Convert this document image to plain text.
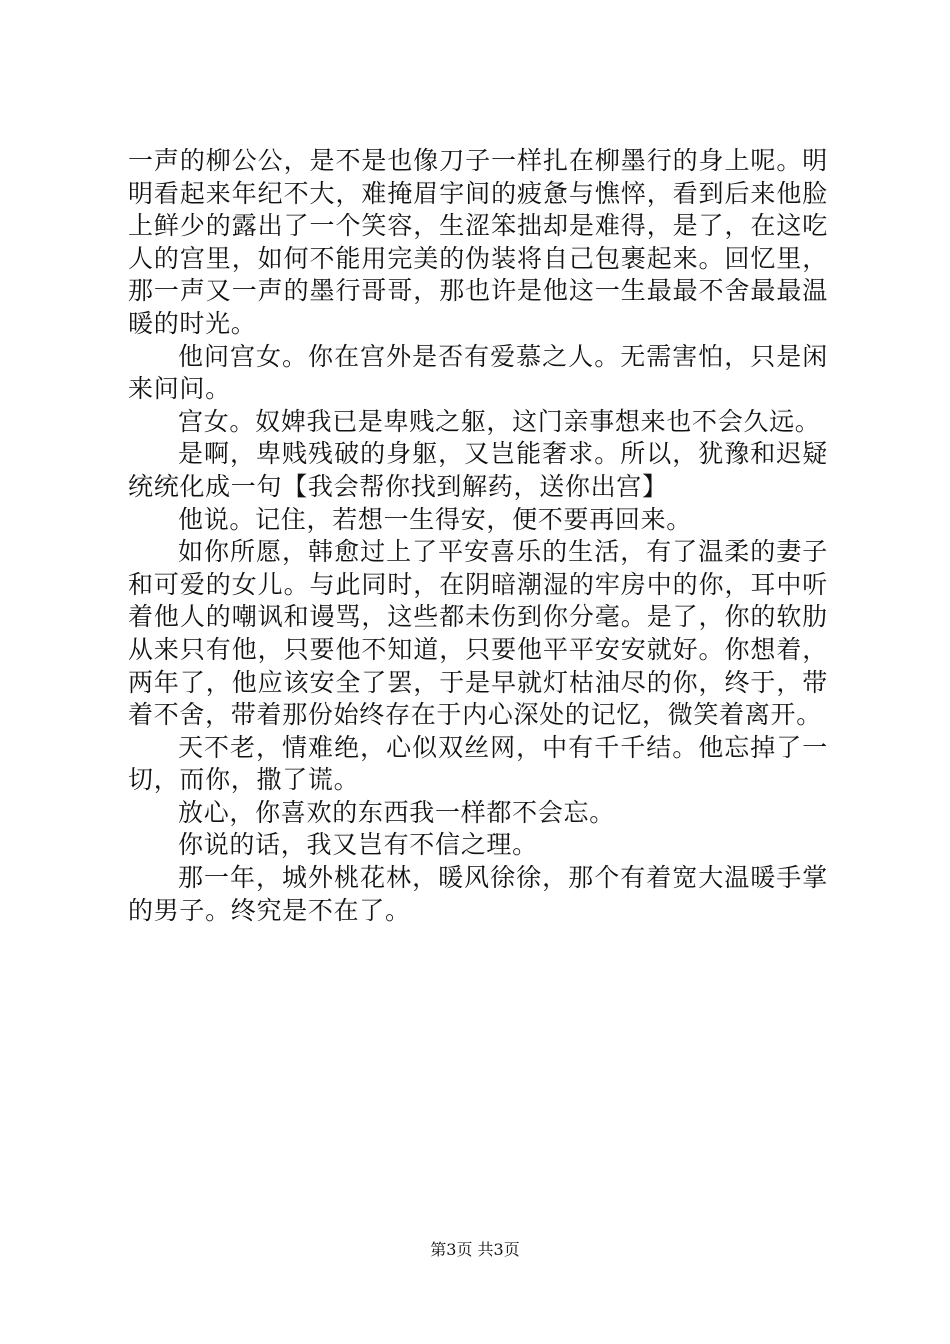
一声的柳公公，是不是也像刀子一样扎在柳墨行的身上呢。明明看起来年纪不大，难掩眉宇间的疲惫与憔悴，看到后来他脸上鲜少的露出了一个笑容，生涩笨拙却是难得，是了，在这吃人的宫里，如何不能用完美的伪装将自己包裹起来。回忆里，那一声又一声的墨行哥哥，那也许是他这一生最最不舍最最温暖的时光。

他问宫女。你在宫外是否有爱慕之人。无需害怕，只是闲来问问。

宫女。奴婢我已是卑贱之躯，这门亲事想来也不会久远。

是啊，卑贱残破的身躯，又岂能奢求。所以，犹豫和迟疑统统化成一句【我会帮你找到解药，送你出宫】

他说。记住，若想一生得安，便不要再回来。

如你所愿，韩愈过上了平安喜乐的生活，有了温柔的妻子和可爱的女儿。与此同时，在阴暗潮湿的牢房中的你，耳中听着他人的嘲讽和谩骂，这些都未伤到你分毫。是了，你的软肋从来只有他，只要他不知道，只要他平平安安就好。你想着，两年了，他应该安全了罢，于是早就灯枯油尽的你，终于，带着不舍，带着那份始终存在于内心深处的记忆，微笑着离开。

天不老，情难绝，心似双丝网，中有千千结。他忘掉了一切，而你，撒了谎。

放心，你喜欢的东西我一样都不会忘。

你说的话，我又岂有不信之理。

那一年，城外桃花林，暖风徐徐，那个有着宽大温暖手掌的男子。终究是不在了。

第3页 共3页
